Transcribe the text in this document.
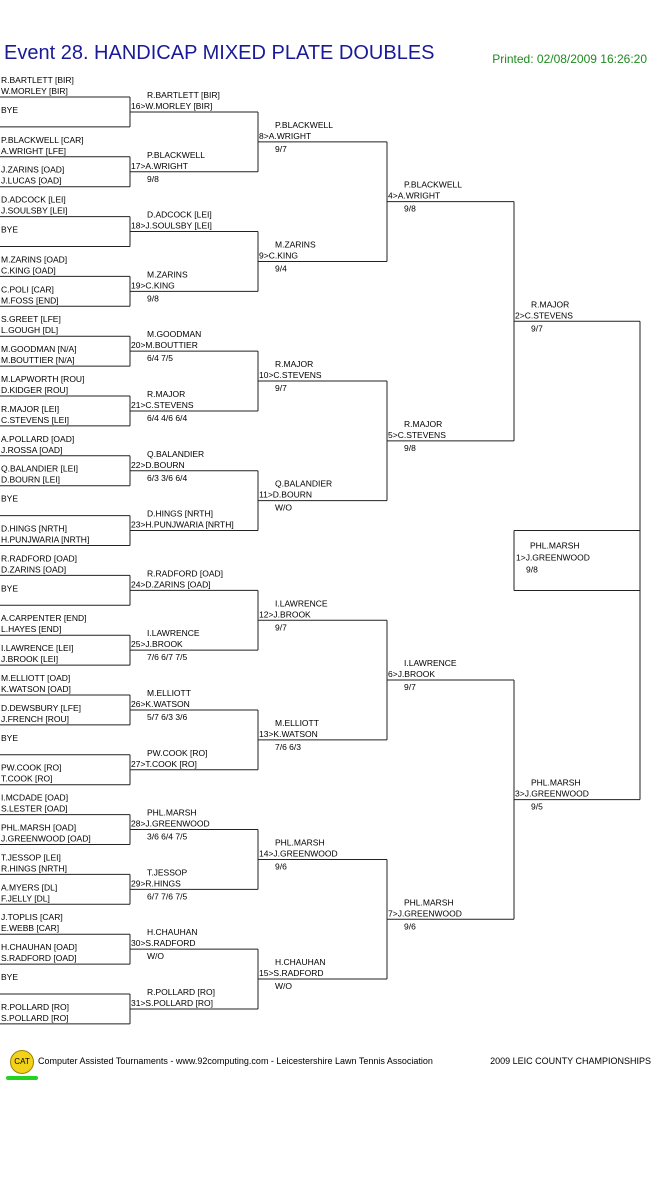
Event 28. HANDICAP MIXED PLATE DOUBLES	Printed: 02/08/2009 16:26:20
R.BARTLETT [BIR]
W.MORLEY [BIR]
BYE
P.BLACKWELL [CAR]
A.WRIGHT [LFE]
J.ZARINS [OAD]
J.LUCAS [OAD]
D.ADCOCK [LEI]
J.SOULSBY [LEI]
BYE
M.ZARINS [OAD]
C.KING [OAD]
C.POLI [CAR]
M.FOSS [END]
S.GREET [LFE]
L.GOUGH [DL]
M.GOODMAN [N/A]
M.BOUTTIER [N/A]
M.LAPWORTH [ROU]
D.KIDGER [ROU]
R.MAJOR [LEI]
C.STEVENS [LEI]
A.POLLARD [OAD]
J.ROSSA [OAD]
Q.BALANDIER [LEI]
D.BOURN [LEI]
BYE
D.HINGS [NRTH]
H.PUNJWARIA [NRTH]
R.RADFORD [OAD]
D.ZARINS [OAD]
BYE
A.CARPENTER [END]
L.HAYES [END]
I.LAWRENCE [LEI]
J.BROOK [LEI]
M.ELLIOTT [OAD]
K.WATSON [OAD]
D.DEWSBURY [LFE]
J.FRENCH [ROU]
BYE
PW.COOK [RO]
T.COOK [RO]
I.MCDADE [OAD]
S.LESTER [OAD]
PHL.MARSH [OAD]
J.GREENWOOD [OAD]
T.JESSOP [LEI]
R.HINGS [NRTH]
A.MYERS [DL]
F.JELLY [DL]
J.TOPLIS [CAR]
E.WEBB [CAR]
H.CHAUHAN [OAD]
S.RADFORD [OAD]
BYE
R.POLLARD [RO]
S.POLLARD [RO]
R.BARTLETT [BIR]
16>W.MORLEY [BIR]
P.BLACKWELL
17>A.WRIGHT
9/8
D.ADCOCK [LEI]
18>J.SOULSBY [LEI]
M.ZARINS
19>C.KING
9/8
M.GOODMAN
20>M.BOUTTIER
6/4 7/5
R.MAJOR
21>C.STEVENS
6/4 4/6 6/4
Q.BALANDIER
22>D.BOURN
6/3 3/6 6/4
D.HINGS [NRTH]
23>H.PUNJWARIA [NRTH]
R.RADFORD [OAD]
24>D.ZARINS [OAD]
I.LAWRENCE
25>J.BROOK
7/6 6/7 7/5
M.ELLIOTT
26>K.WATSON
5/7 6/3 3/6
PW.COOK [RO]
27>T.COOK [RO]
PHL.MARSH
28>J.GREENWOOD
3/6 6/4 7/5
T.JESSOP
29>R.HINGS
6/7 7/6 7/5
H.CHAUHAN
30>S.RADFORD
W/O
R.POLLARD [RO]
31>S.POLLARD [RO]
P.BLACKWELL
8>A.WRIGHT
9/7
M.ZARINS
9>C.KING
9/4
R.MAJOR
10>C.STEVENS
9/7
Q.BALANDIER
11>D.BOURN
W/O
I.LAWRENCE
12>J.BROOK
9/7
M.ELLIOTT
13>K.WATSON
7/6 6/3
PHL.MARSH
14>J.GREENWOOD
9/6
H.CHAUHAN
15>S.RADFORD
W/O
P.BLACKWELL
4>A.WRIGHT
9/8
R.MAJOR
5>C.STEVENS
9/8
I.LAWRENCE
6>J.BROOK
9/7
PHL.MARSH
7>J.GREENWOOD
9/6
R.MAJOR
2>C.STEVENS
9/7
PHL.MARSH
3>J.GREENWOOD
9/5
PHL.MARSH
1>J.GREENWOOD
9/8
CAT Computer Assisted Tournaments - www.92computing.com - Leicestershire Lawn Tennis Association	2009 LEIC COUNTY CHAMPIONSHIPS
